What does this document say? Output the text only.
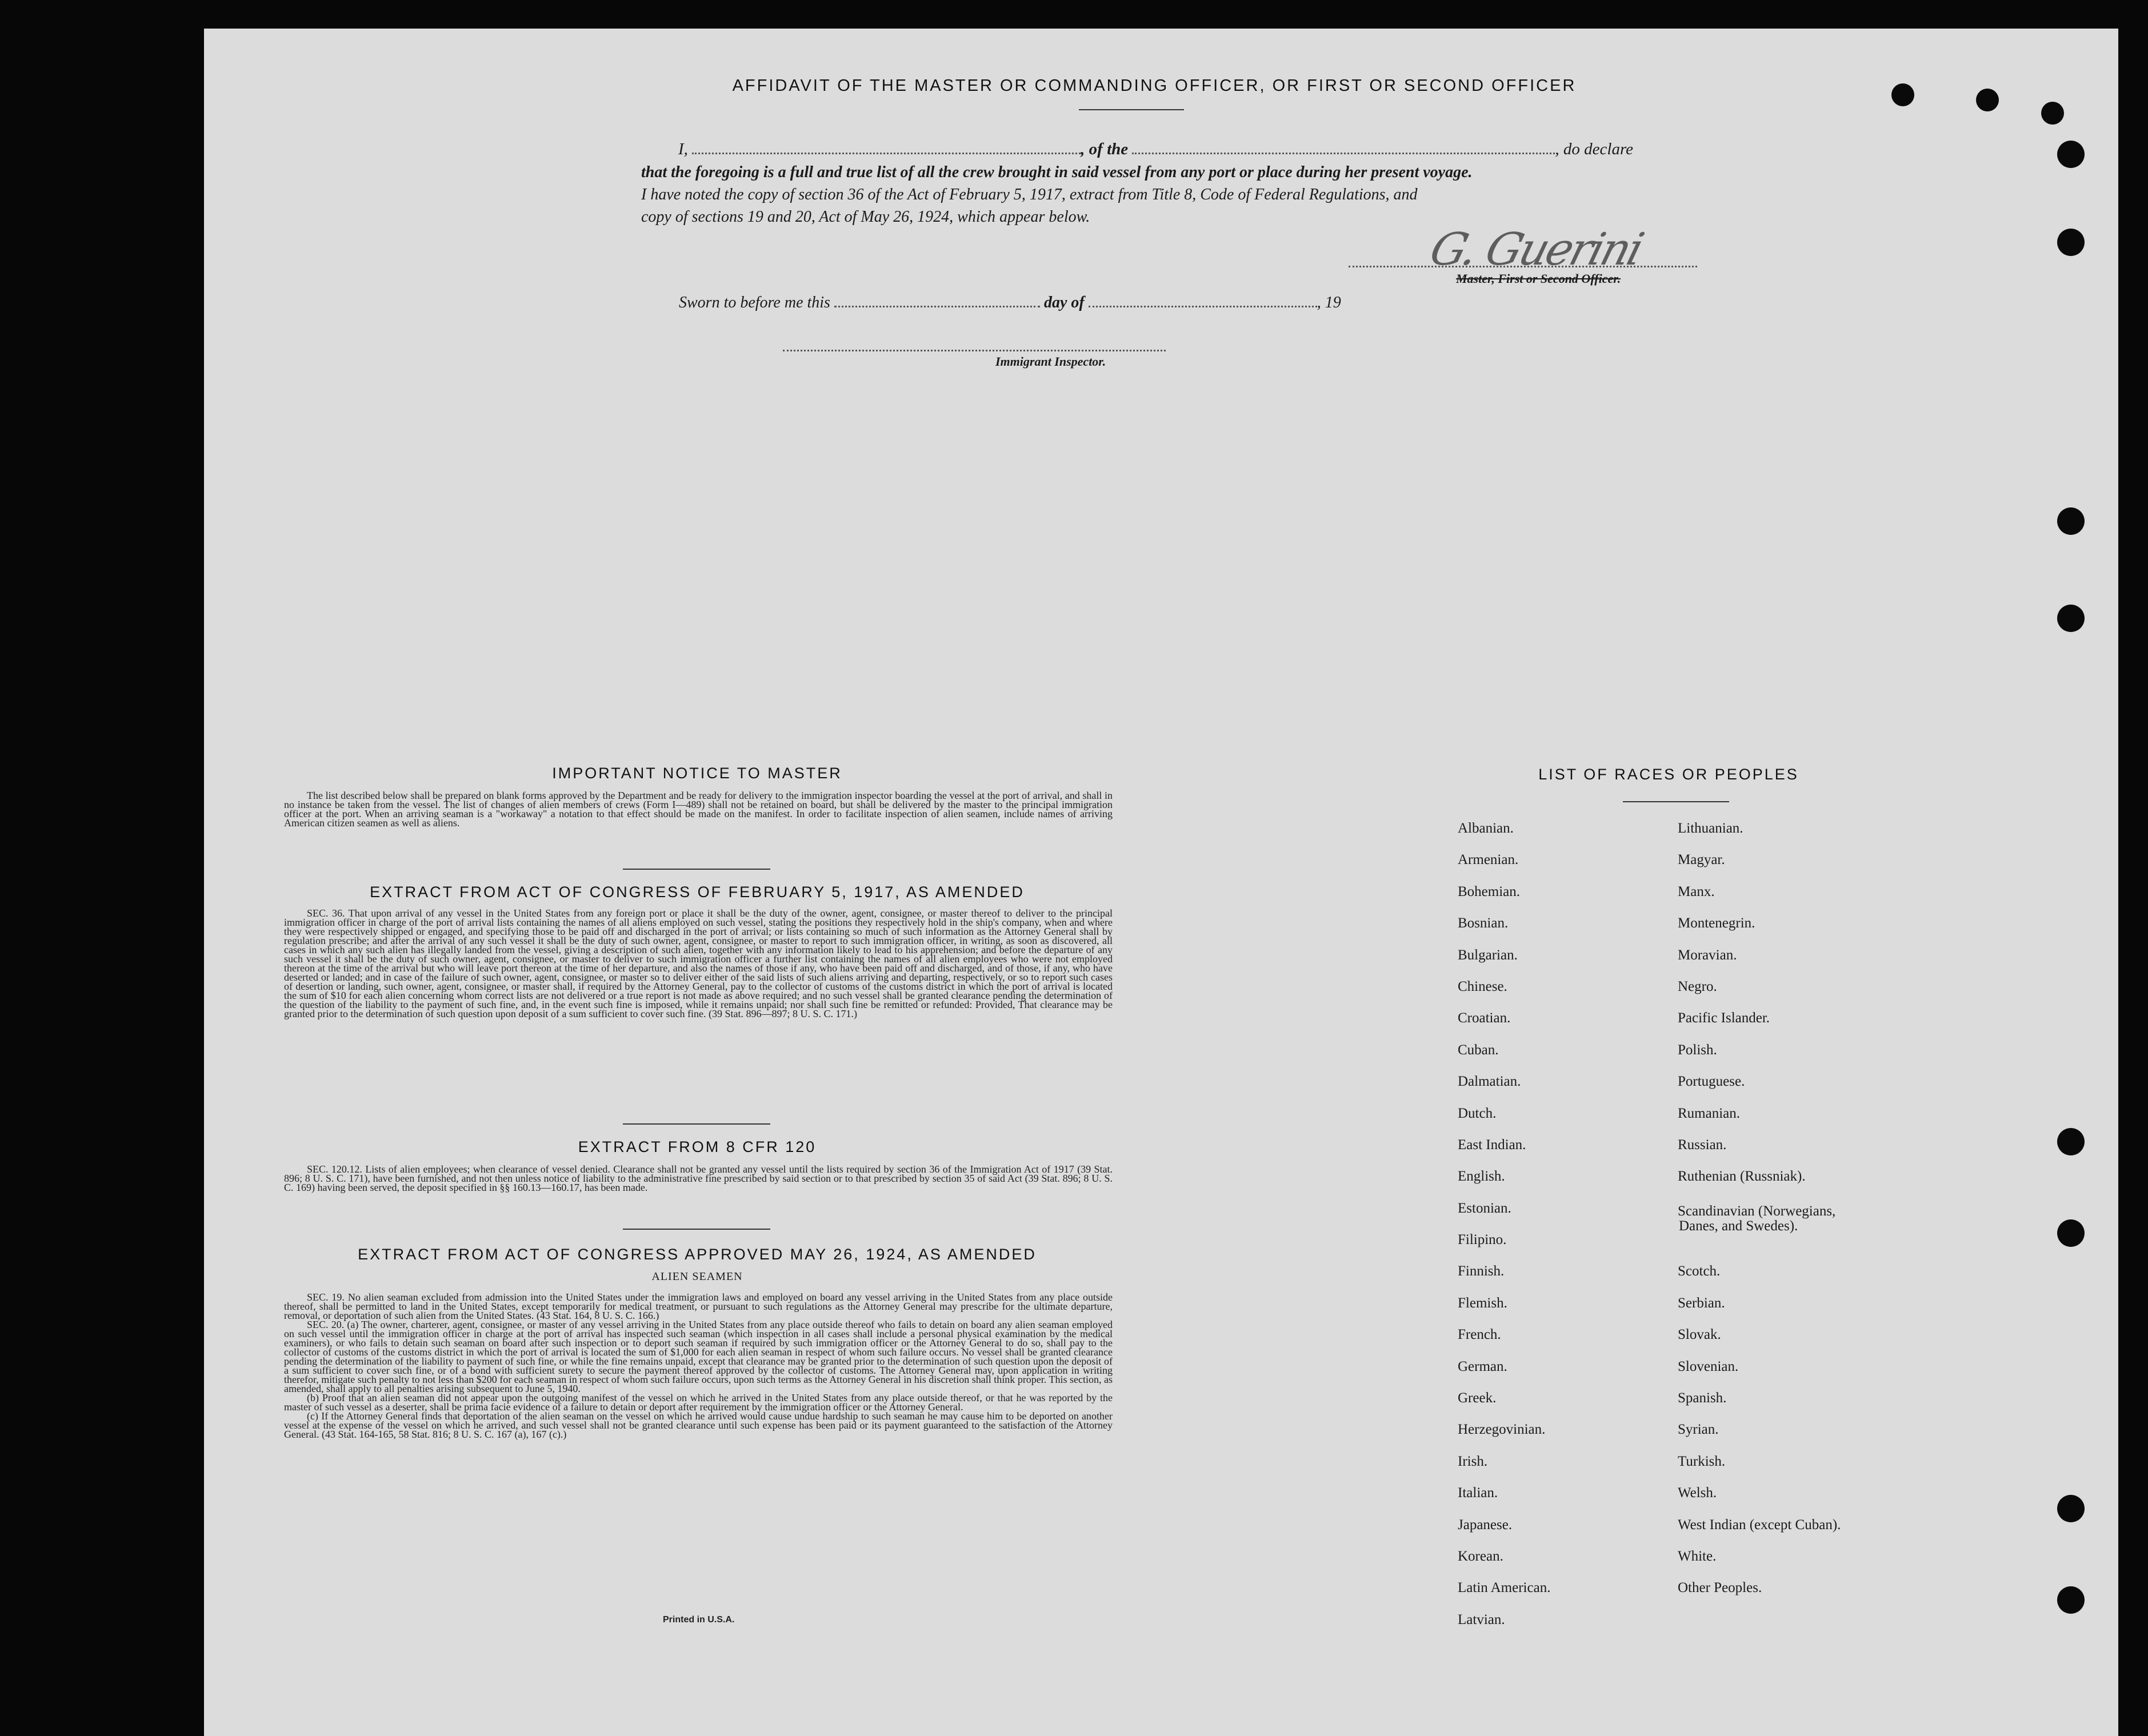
AFFIDAVIT OF THE MASTER OR COMMANDING OFFICER, OR FIRST OR SECOND OFFICER
I,	, of the	, do declare
that the foregoing is a full and true list of all the crew brought in said vessel from any port or place during her present voyage.
I have noted the copy of section 36 of the Act of February 5, 1917, extract from Title 8, Code of Federal Regulations, and
copy of sections 19 and 20, Act of May 26, 1924, which appear below.
G. Guerini
Master, First or Second Officer.
Sworn to before me this	day of	, 19
Immigrant Inspector.
IMPORTANT NOTICE TO MASTER

The list described below shall be prepared on blank forms approved by the Department and be ready for delivery to the immigration inspector boarding the vessel at the port of arrival, and shall in no instance be taken from the vessel. The list of changes of alien members of crews (Form I—489) shall not be retained on board, but shall be delivered by the master to the principal immigration officer at the port. When an arriving seaman is a "workaway" a notation to that effect should be made on the manifest. In order to facilitate inspection of alien seamen, include names of arriving American citizen seamen as well as aliens.

EXTRACT FROM ACT OF CONGRESS OF FEBRUARY 5, 1917, AS AMENDED

SEC. 36. That upon arrival of any vessel in the United States from any foreign port or place it shall be the duty of the owner, agent, consignee, or master thereof to deliver to the principal immigration officer in charge of the port of arrival lists containing the names of all aliens employed on such vessel, stating the positions they respectively hold in the ship's company, when and where they were respectively shipped or engaged, and specifying those to be paid off and discharged in the port of arrival; or lists containing so much of such information as the Attorney General shall by regulation prescribe; and after the arrival of any such vessel it shall be the duty of such owner, agent, consignee, or master to report to such immigration officer, in writing, as soon as discovered, all cases in which any such alien has illegally landed from the vessel, giving a description of such alien, together with any information likely to lead to his apprehension; and before the departure of any such vessel it shall be the duty of such owner, agent, consignee, or master to deliver to such immigration officer a further list containing the names of all alien employees who were not employed thereon at the time of the arrival but who will leave port thereon at the time of her departure, and also the names of those if any, who have been paid off and discharged, and of those, if any, who have deserted or landed; and in case of the failure of such owner, agent, consignee, or master so to deliver either of the said lists of such aliens arriving and departing, respectively, or so to report such cases of desertion or landing, such owner, agent, consignee, or master shall, if required by the Attorney General, pay to the collector of customs of the customs district in which the port of arrival is located the sum of $10 for each alien concerning whom correct lists are not delivered or a true report is not made as above required; and no such vessel shall be granted clearance pending the determination of the question of the liability to the payment of such fine, and, in the event such fine is imposed, while it remains unpaid; nor shall such fine be remitted or refunded: Provided, That clearance may be granted prior to the determination of such question upon deposit of a sum sufficient to cover such fine. (39 Stat. 896—897; 8 U. S. C. 171.)

EXTRACT FROM 8 CFR 120

SEC. 120.12. Lists of alien employees; when clearance of vessel denied. Clearance shall not be granted any vessel until the lists required by section 36 of the Immigration Act of 1917 (39 Stat. 896; 8 U. S. C. 171), have been furnished, and not then unless notice of liability to the administrative fine prescribed by said section or to that prescribed by section 35 of said Act (39 Stat. 896; 8 U. S. C. 169) having been served, the deposit specified in §§ 160.13—160.17, has been made.

EXTRACT FROM ACT OF CONGRESS APPROVED MAY 26, 1924, AS AMENDED
ALIEN SEAMEN

SEC. 19. No alien seaman excluded from admission into the United States under the immigration laws and employed on board any vessel arriving in the United States from any place outside thereof, shall be permitted to land in the United States, except temporarily for medical treatment, or pursuant to such regulations as the Attorney General may prescribe for the ultimate departure, removal, or deportation of such alien from the United States. (43 Stat. 164, 8 U. S. C. 166.)

SEC. 20. (a) The owner, charterer, agent, consignee, or master of any vessel arriving in the United States from any place outside thereof who fails to detain on board any alien seaman employed on such vessel until the immigration officer in charge at the port of arrival has inspected such seaman (which inspection in all cases shall include a personal physical examination by the medical examiners), or who fails to detain such seaman on board after such inspection or to deport such seaman if required by such immigration officer or the Attorney General to do so, shall pay to the collector of customs of the customs district in which the port of arrival is located the sum of $1,000 for each alien seaman in respect of whom such failure occurs. No vessel shall be granted clearance pending the determination of the liability to payment of such fine, or while the fine remains unpaid, except that clearance may be granted prior to the determination of such question upon the deposit of a sum sufficient to cover such fine, or of a bond with sufficient surety to secure the payment thereof approved by the collector of customs. The Attorney General may, upon application in writing therefor, mitigate such penalty to not less than $200 for each seaman in respect of whom such failure occurs, upon such terms as the Attorney General in his discretion shall think proper. This section, as amended, shall apply to all penalties arising subsequent to June 5, 1940.

(b) Proof that an alien seaman did not appear upon the outgoing manifest of the vessel on which he arrived in the United States from any place outside thereof, or that he was reported by the master of such vessel as a deserter, shall be prima facie evidence of a failure to detain or deport after requirement by the immigration officer or the Attorney General.

(c) If the Attorney General finds that deportation of the alien seaman on the vessel on which he arrived would cause undue hardship to such seaman he may cause him to be deported on another vessel at the expense of the vessel on which he arrived, and such vessel shall not be granted clearance until such expense has been paid or its payment guaranteed to the satisfaction of the Attorney General. (43 Stat. 164-165, 58 Stat. 816; 8 U. S. C. 167 (a), 167 (c).)

Printed in U.S.A.
LIST OF RACES OR PEOPLES
Albanian.
Armenian.
Bohemian.
Bosnian.
Bulgarian.
Chinese.
Croatian.
Cuban.
Dalmatian.
Dutch.
East Indian.
English.
Estonian.
Filipino.
Finnish.
Flemish.
French.
German.
Greek.
Herzegovinian.
Irish.
Italian.
Japanese.
Korean.
Latin American.
Latvian.
Lithuanian.
Magyar.
Manx.
Montenegrin.
Moravian.
Negro.
Pacific Islander.
Polish.
Portuguese.
Rumanian.
Russian.
Ruthenian (Russniak).
Scandinavian (Norwegians,
Danes, and Swedes).
Scotch.
Serbian.
Slovak.
Slovenian.
Spanish.
Syrian.
Turkish.
Welsh.
West Indian (except Cuban).
White.
Other Peoples.
